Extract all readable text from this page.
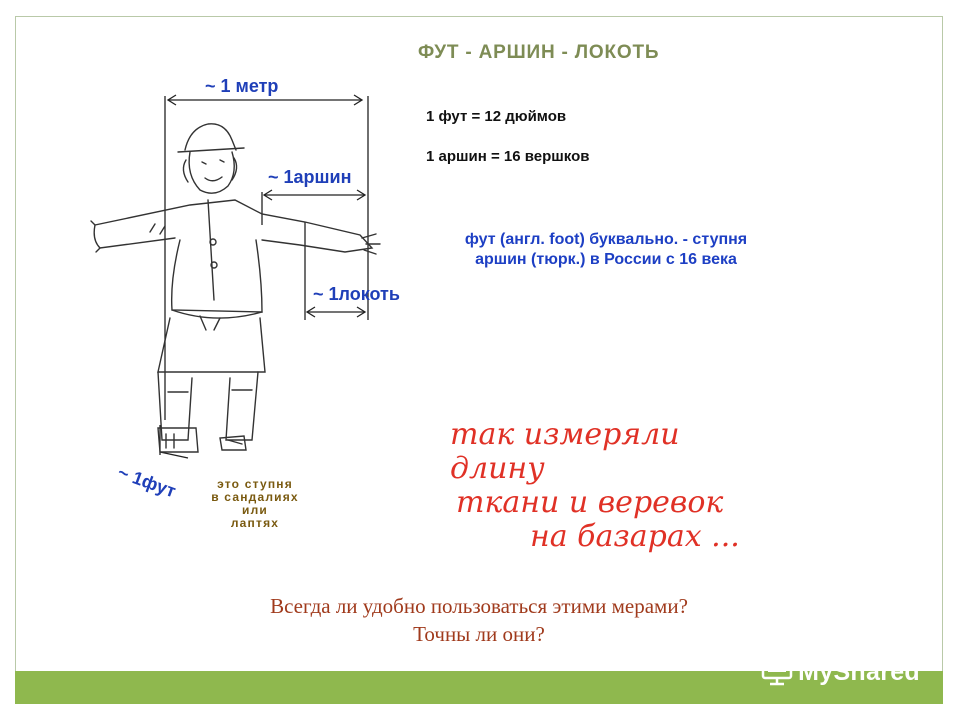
ФУТ - АРШИН - ЛОКОТЬ
1 фут = 12 дюймов
1 аршин = 16 вершков
фут (англ. foot) буквально. - ступня
аршин (тюрк.) в России с 16 века
~ 1 метр
~ 1аршин
~ 1локоть
~ 1фут	это ступня
в сандалиях
или
лаптях
так измеряли длину
ткани и веревок
на базарах ...
Всегда ли удобно пользоваться этими мерами?
Точны ли они?
MyShared
